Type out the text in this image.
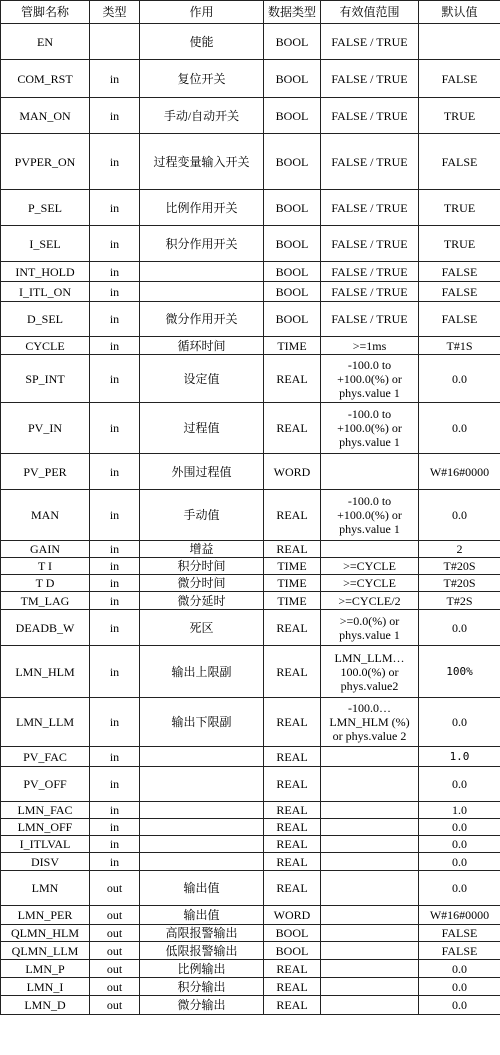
管脚名称	类型	作用	数据类型	有效值范围	默认值
EN		使能	BOOL	FALSE / TRUE	
COM_RST	in	复位开关	BOOL	FALSE / TRUE	FALSE
MAN_ON	in	手动/自动开关	BOOL	FALSE / TRUE	TRUE
PVPER_ON	in	过程变量输入开关	BOOL	FALSE / TRUE	FALSE
P_SEL	in	比例作用开关	BOOL	FALSE / TRUE	TRUE
I_SEL	in	积分作用开关	BOOL	FALSE / TRUE	TRUE
INT_HOLD	in		BOOL	FALSE / TRUE	FALSE
I_ITL_ON	in		BOOL	FALSE / TRUE	FALSE
D_SEL	in	微分作用开关	BOOL	FALSE / TRUE	FALSE
CYCLE	in	循环时间	TIME	>=1ms	T#1S
SP_INT	in	设定值	REAL	-100.0 to +100.0(%) or phys.value 1	0.0
PV_IN	in	过程值	REAL	-100.0 to +100.0(%) or phys.value 1	0.0
PV_PER	in	外围过程值	WORD		W#16#0000
MAN	in	手动值	REAL	-100.0 to +100.0(%) or phys.value 1	0.0
GAIN	in	增益	REAL		2
T I	in	积分时间	TIME	>=CYCLE	T#20S
T D	in	微分时间	TIME	>=CYCLE	T#20S
TM_LAG	in	微分延时	TIME	>=CYCLE/2	T#2S
DEADB_W	in	死区	REAL	>=0.0(%) or phys.value 1	0.0
LMN_HLM	in	输出上限副	REAL	LMN_LLM… 100.0(%) or phys.value2	100%
LMN_LLM	in	输出下限副	REAL	-100.0… LMN_HLM (%) or phys.value 2	0.0
PV_FAC	in		REAL		1.0
PV_OFF	in		REAL		0.0
LMN_FAC	in		REAL		1.0
LMN_OFF	in		REAL		0.0
I_ITLVAL	in		REAL		0.0
DISV	in		REAL		0.0
LMN	out	输出值	REAL		0.0
LMN_PER	out	输出值	WORD		W#16#0000
QLMN_HLM	out	高限报警输出	BOOL		FALSE
QLMN_LLM	out	低限报警输出	BOOL		FALSE
LMN_P	out	比例输出	REAL		0.0
LMN_I	out	积分输出	REAL		0.0
LMN_D	out	微分输出	REAL		0.0
